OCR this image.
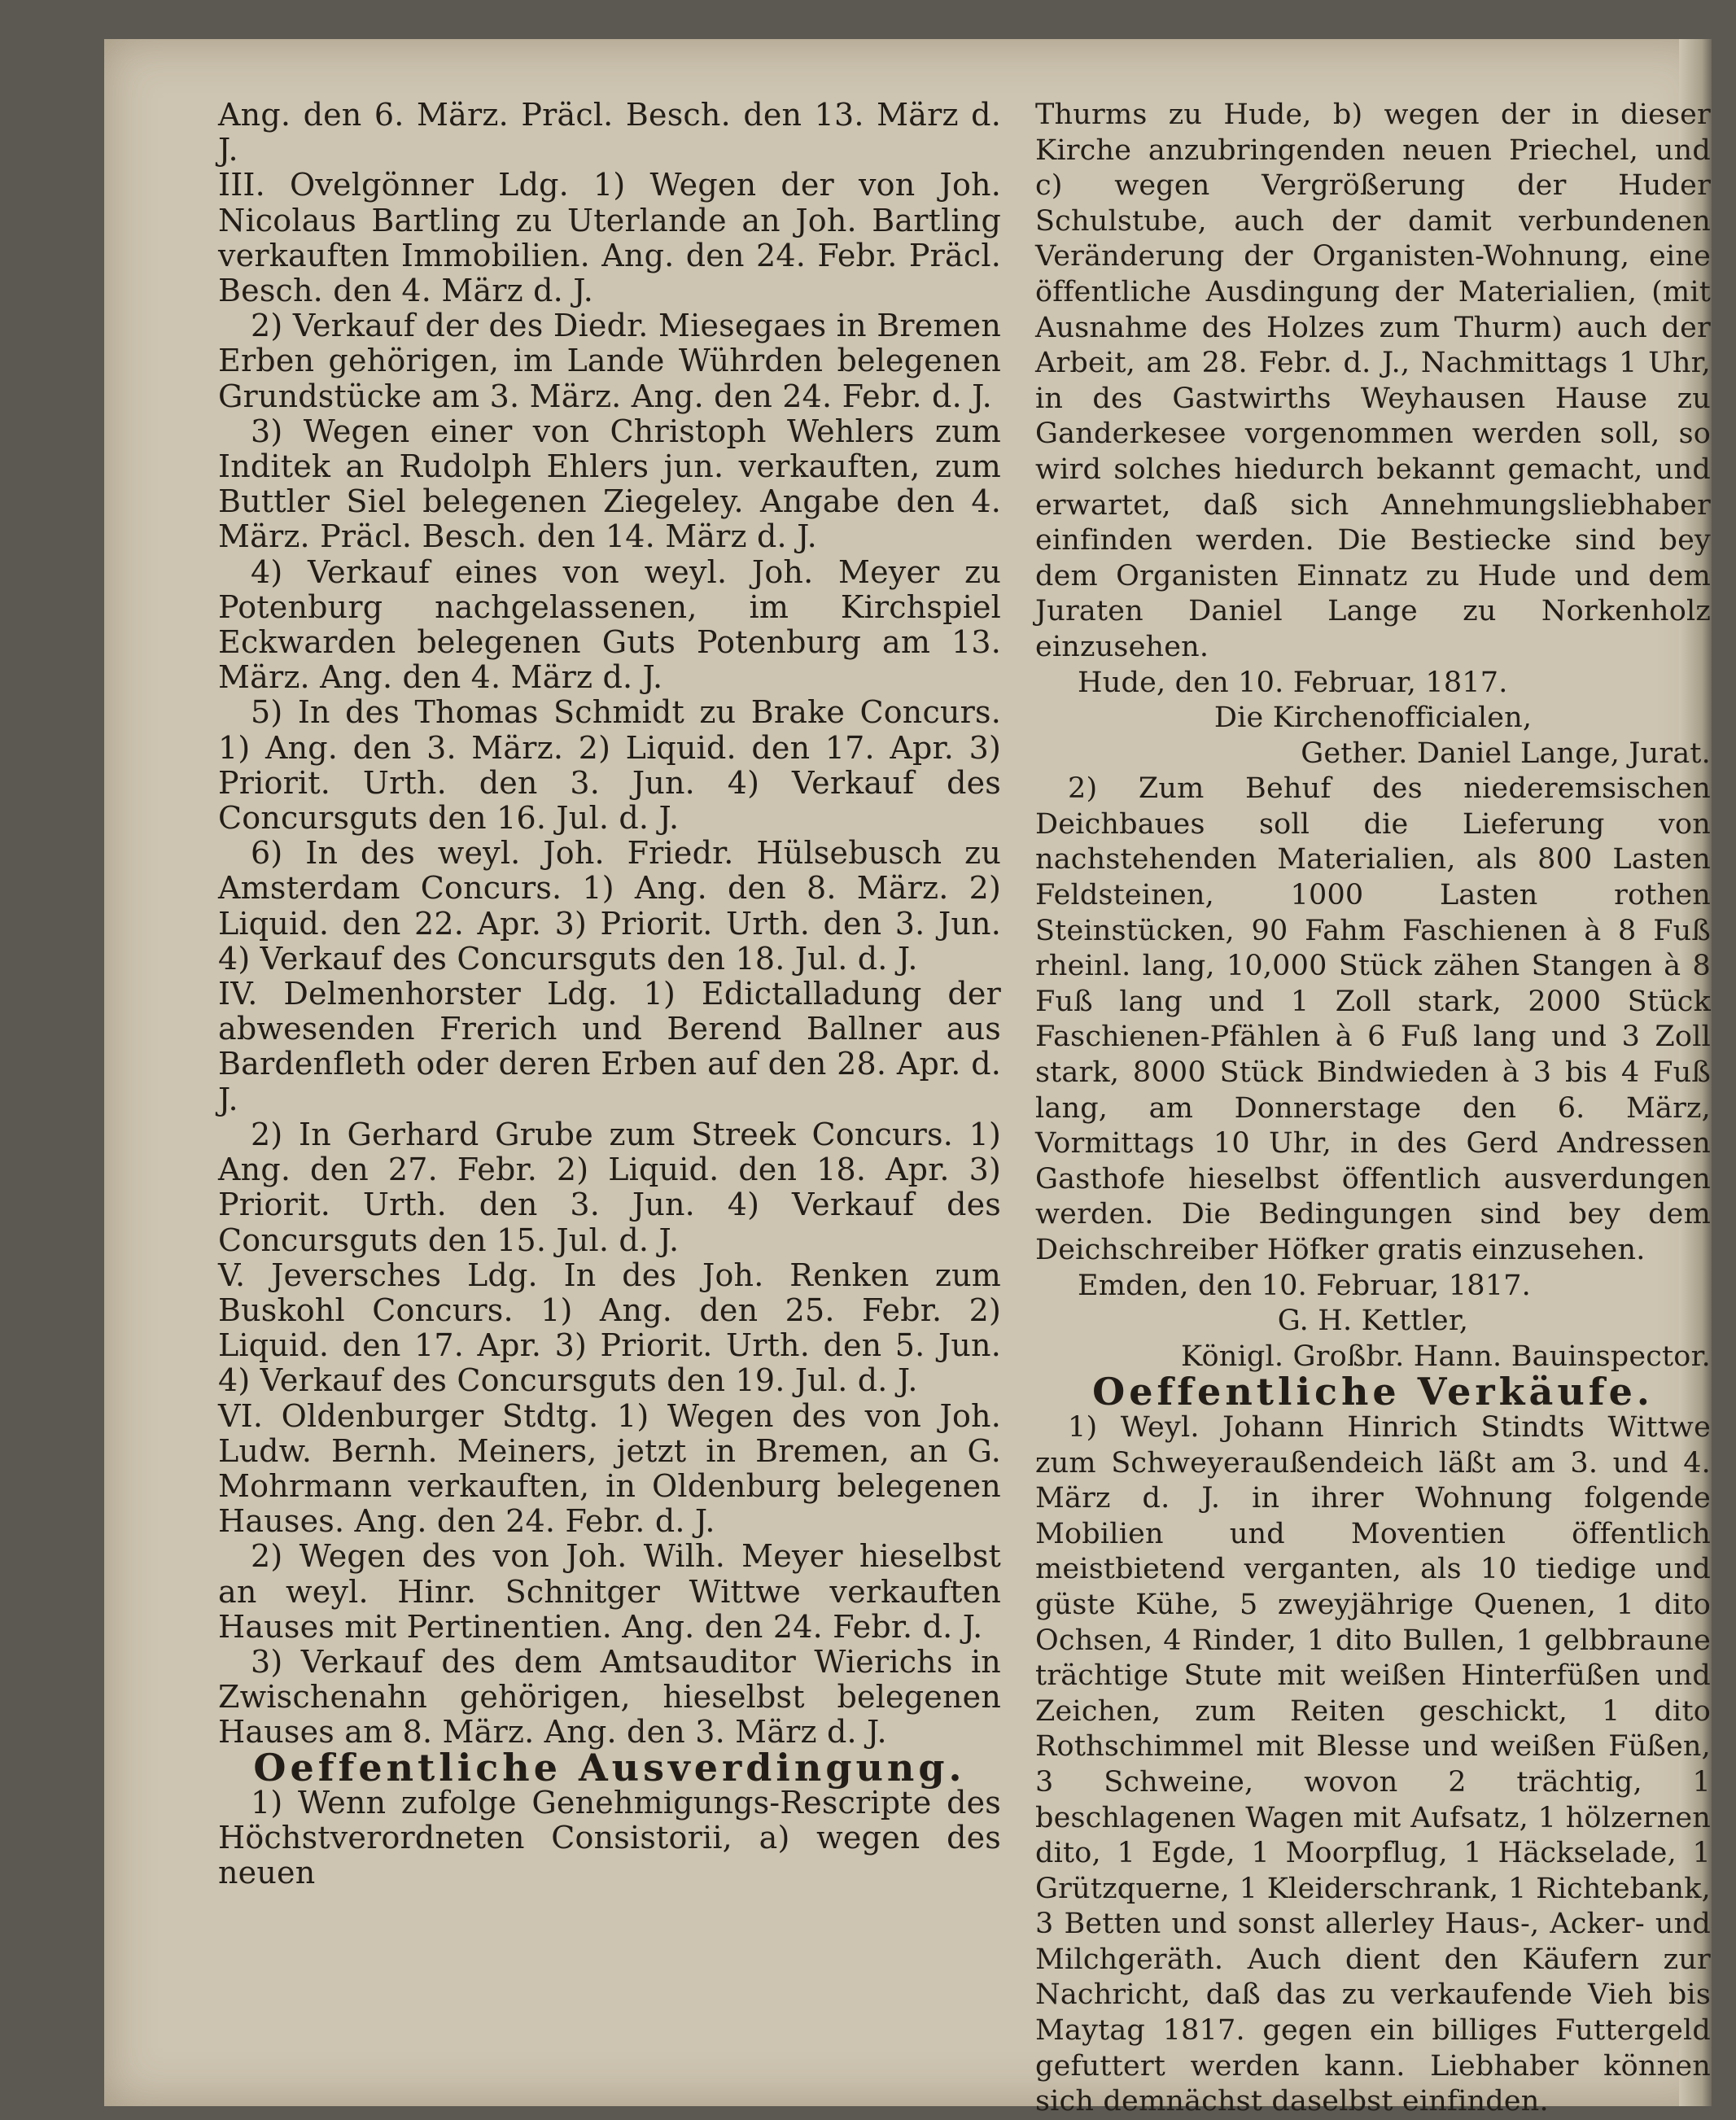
Ang. den 6. März. Präcl. Besch. den 13. März d. J.

III. Ovelgönner Ldg. 1) Wegen der von Joh. Nicolaus Bartling zu Uterlande an Joh. Bartling verkauften Immobilien. Ang. den 24. Febr. Präcl. Besch. den 4. März d. J.

2) Verkauf der des Diedr. Miesegaes in Bremen Erben gehörigen, im Lande Wührden belegenen Grundstücke am 3. März. Ang. den 24. Febr. d. J.

3) Wegen einer von Christoph Wehlers zum Inditek an Rudolph Ehlers jun. verkauften, zum Buttler Siel belegenen Ziegeley. Angabe den 4. März. Präcl. Besch. den 14. März d. J.

4) Verkauf eines von weyl. Joh. Meyer zu Potenburg nachgelassenen, im Kirchspiel Eckwarden belegenen Guts Potenburg am 13. März. Ang. den 4. März d. J.

5) In des Thomas Schmidt zu Brake Concurs. 1) Ang. den 3. März. 2) Liquid. den 17. Apr. 3) Priorit. Urth. den 3. Jun. 4) Verkauf des Concursguts den 16. Jul. d. J.

6) In des weyl. Joh. Friedr. Hülsebusch zu Amsterdam Concurs. 1) Ang. den 8. März. 2) Liquid. den 22. Apr. 3) Priorit. Urth. den 3. Jun. 4) Verkauf des Concursguts den 18. Jul. d. J.

IV. Delmenhorster Ldg. 1) Edictalladung der abwesenden Frerich und Berend Ballner aus Bardenfleth oder deren Erben auf den 28. Apr. d. J.

2) In Gerhard Grube zum Streek Concurs. 1) Ang. den 27. Febr. 2) Liquid. den 18. Apr. 3) Priorit. Urth. den 3. Jun. 4) Verkauf des Concursguts den 15. Jul. d. J.

V. Jeversches Ldg. In des Joh. Renken zum Buskohl Concurs. 1) Ang. den 25. Febr. 2) Liquid. den 17. Apr. 3) Priorit. Urth. den 5. Jun. 4) Verkauf des Concursguts den 19. Jul. d. J.

VI. Oldenburger Stdtg. 1) Wegen des von Joh. Ludw. Bernh. Meiners, jetzt in Bremen, an G. Mohrmann verkauften, in Oldenburg belegenen Hauses. Ang. den 24. Febr. d. J.

2) Wegen des von Joh. Wilh. Meyer hieselbst an weyl. Hinr. Schnitger Wittwe verkauften Hauses mit Pertinentien. Ang. den 24. Febr. d. J.

3) Verkauf des dem Amtsauditor Wierichs in Zwischenahn gehörigen, hieselbst belegenen Hauses am 8. März. Ang. den 3. März d. J.

Oeffentliche Ausverdingung.

1) Wenn zufolge Genehmigungs-Rescripte des Höchstverordneten Consistorii, a) wegen des neuen

Thurms zu Hude, b) wegen der in dieser Kirche anzubringenden neuen Priechel, und c) wegen Vergrößerung der Huder Schulstube, auch der damit verbundenen Veränderung der Organisten-Wohnung, eine öffentliche Ausdingung der Materialien, (mit Ausnahme des Holzes zum Thurm) auch der Arbeit, am 28. Febr. d. J., Nachmittags 1 Uhr, in des Gastwirths Weyhausen Hause zu Ganderkesee vorgenommen werden soll, so wird solches hiedurch bekannt gemacht, und erwartet, daß sich Annehmungsliebhaber einfinden werden. Die Bestiecke sind bey dem Organisten Einnatz zu Hude und dem Juraten Daniel Lange zu Norkenholz einzusehen.

Hude, den 10. Februar, 1817.

Die Kirchenofficialen,

Gether. Daniel Lange, Jurat.

2) Zum Behuf des niederemsischen Deichbaues soll die Lieferung von nachstehenden Materialien, als 800 Lasten Feldsteinen, 1000 Lasten rothen Steinstücken, 90 Fahm Faschienen à 8 Fuß rheinl. lang, 10,000 Stück zähen Stangen à 8 Fuß lang und 1 Zoll stark, 2000 Stück Faschienen-Pfählen à 6 Fuß lang und 3 Zoll stark, 8000 Stück Bindwieden à 3 bis 4 Fuß lang, am Donnerstage den 6. März, Vormittags 10 Uhr, in des Gerd Andressen Gasthofe hieselbst öffentlich ausverdungen werden. Die Bedingungen sind bey dem Deichschreiber Höfker gratis einzusehen.

Emden, den 10. Februar, 1817.

G. H. Kettler,

Königl. Großbr. Hann. Bauinspector.

Oeffentliche Verkäufe.

1) Weyl. Johann Hinrich Stindts Wittwe zum Schweyeraußendeich läßt am 3. und 4. März d. J. in ihrer Wohnung folgende Mobilien und Moventien öffentlich meistbietend verganten, als 10 tiedige und güste Kühe, 5 zweyjährige Quenen, 1 dito Ochsen, 4 Rinder, 1 dito Bullen, 1 gelbbraune trächtige Stute mit weißen Hinterfüßen und Zeichen, zum Reiten geschickt, 1 dito Rothschimmel mit Blesse und weißen Füßen, 3 Schweine, wovon 2 trächtig, 1 beschlagenen Wagen mit Aufsatz, 1 hölzernen dito, 1 Egde, 1 Moorpflug, 1 Häckselade, 1 Grützquerne, 1 Kleiderschrank, 1 Richtebank, 3 Betten und sonst allerley Haus-, Acker- und Milchgeräth. Auch dient den Käufern zur Nachricht, daß das zu verkaufende Vieh bis Maytag 1817. gegen ein billiges Futtergeld gefuttert werden kann. Liebhaber können sich demnächst daselbst einfinden.
